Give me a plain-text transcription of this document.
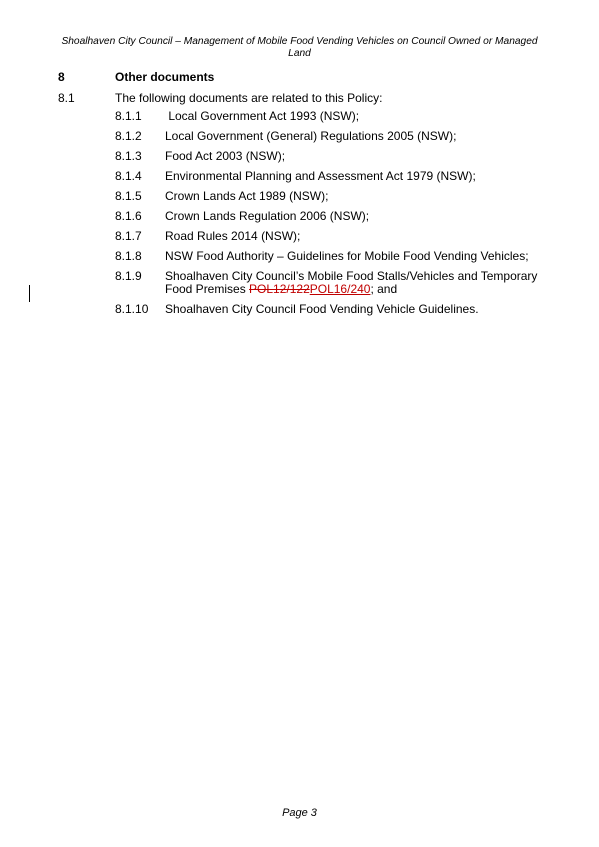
Shoalhaven City Council – Management of Mobile Food Vending Vehicles on Council Owned or Managed
Land
8	Other documents
8.1	The following documents are related to this Policy:
8.1.1	Local Government Act 1993 (NSW);
8.1.2	Local Government (General) Regulations 2005 (NSW);
8.1.3	Food Act 2003 (NSW);
8.1.4	Environmental Planning and Assessment Act 1979 (NSW);
8.1.5	Crown Lands Act 1989 (NSW);
8.1.6	Crown Lands Regulation 2006 (NSW);
8.1.7	Road Rules 2014 (NSW);
8.1.8	NSW Food Authority – Guidelines for Mobile Food Vending Vehicles;
8.1.9	Shoalhaven City Council’s Mobile Food Stalls/Vehicles and Temporary Food Premises POL12/122POL16/240; and
8.1.10	Shoalhaven City Council Food Vending Vehicle Guidelines.
Page 3
